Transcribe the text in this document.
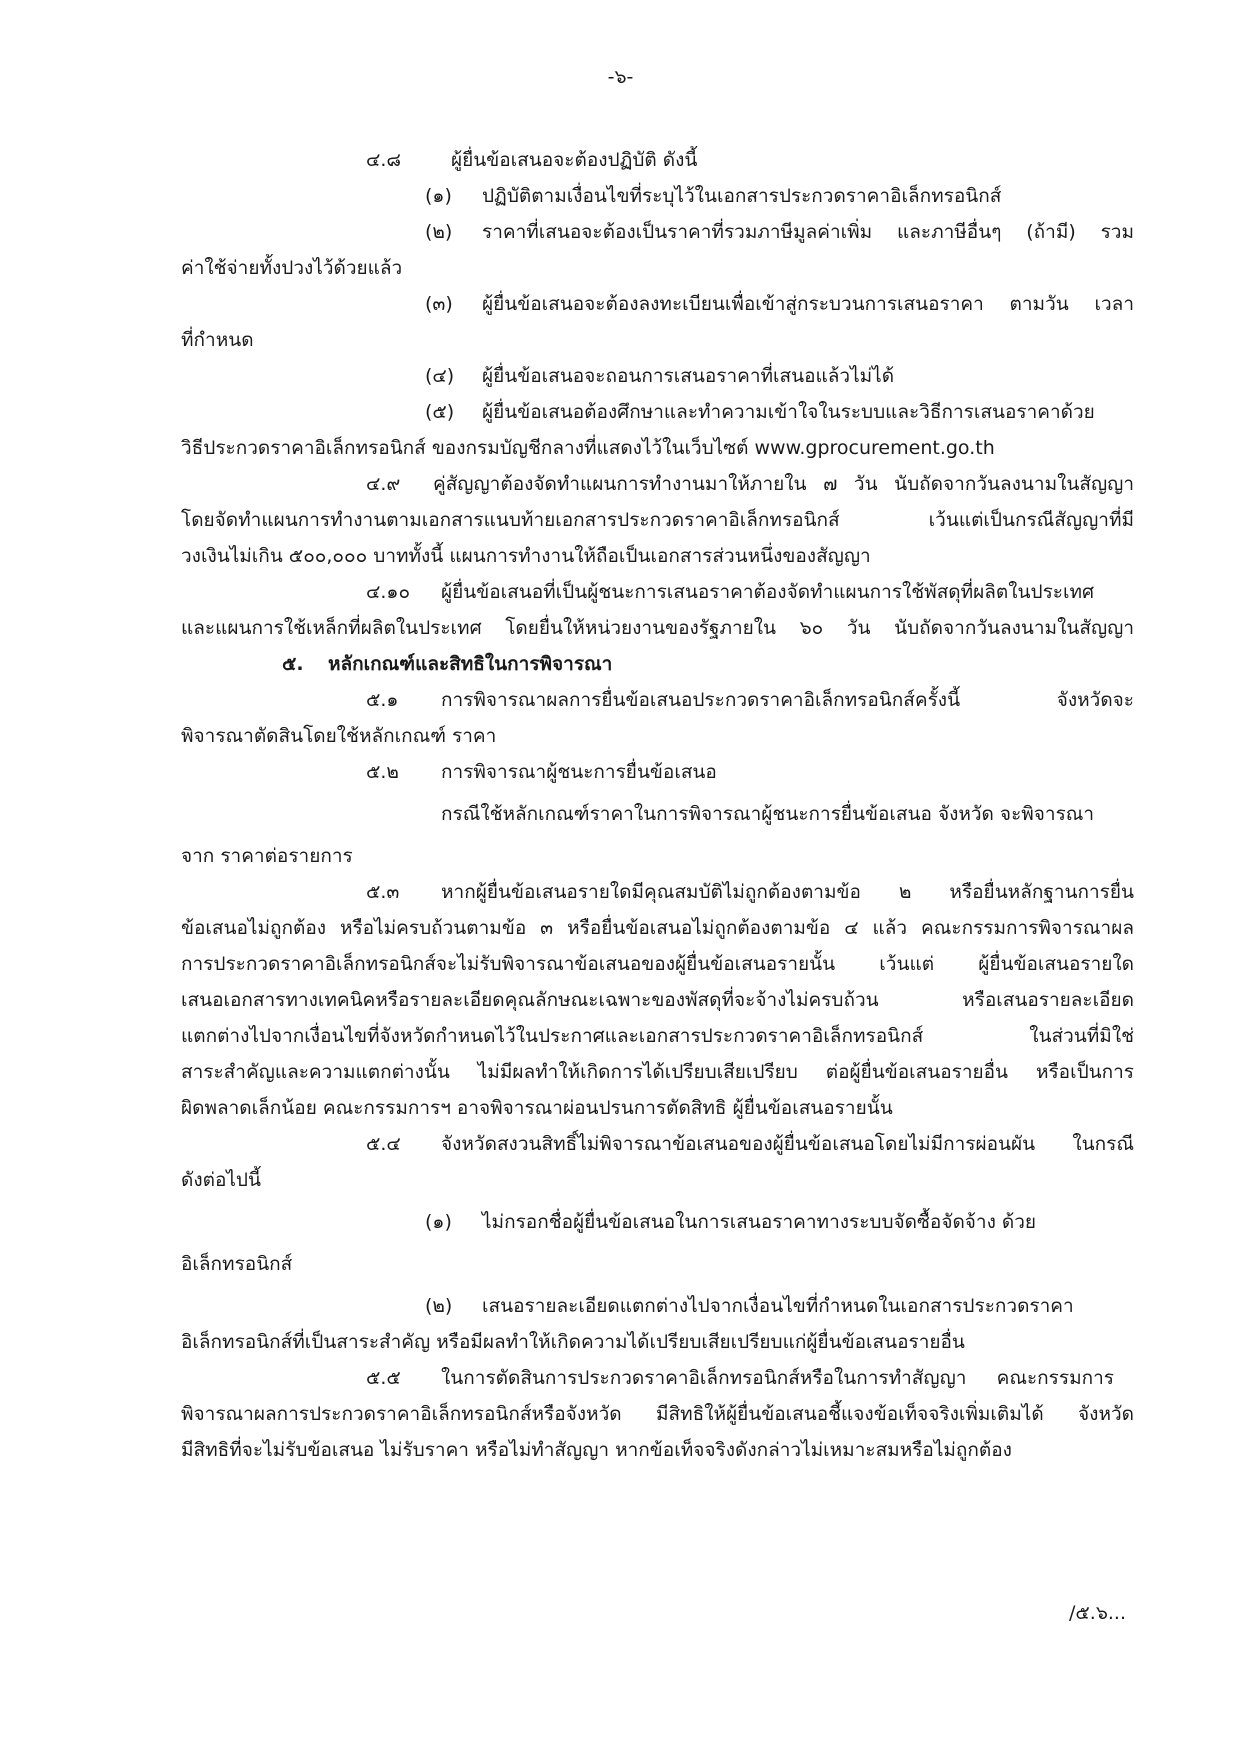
-๖-
๔.๘	ผู้ยื่นข้อเสนอจะต้องปฏิบัติ ดังนี้
(๑) ปฏิบัติตามเงื่อนไขที่ระบุไว้ในเอกสารประกวดราคาอิเล็กทรอนิกส์
(๒) ราคาที่เสนอจะต้องเป็นราคาที่รวมภาษีมูลค่าเพิ่ม และภาษีอื่นๆ (ถ้ามี) รวม
ค่าใช้จ่ายทั้งปวงไว้ด้วยแล้ว
(๓) ผู้ยื่นข้อเสนอจะต้องลงทะเบียนเพื่อเข้าสู่กระบวนการเสนอราคา ตามวัน เวลา
ที่กำหนด
(๔) ผู้ยื่นข้อเสนอจะถอนการเสนอราคาที่เสนอแล้วไม่ได้
(๕) ผู้ยื่นข้อเสนอต้องศึกษาและทำความเข้าใจในระบบและวิธีการเสนอราคาด้วย
วิธีประกวดราคาอิเล็กทรอนิกส์ ของกรมบัญชีกลางที่แสดงไว้ในเว็บไซต์ www.gprocurement.go.th
๔.๙ คู่สัญญาต้องจัดทำแผนการทำงานมาให้ภายใน ๗ วัน นับถัดจากวันลงนามในสัญญา
โดยจัดทำแผนการทำงานตามเอกสารแนบท้ายเอกสารประกวดราคาอิเล็กทรอนิกส์ เว้นแต่เป็นกรณีสัญญาที่มี
วงเงินไม่เกิน ๕๐๐,๐๐๐ บาททั้งนี้ แผนการทำงานให้ถือเป็นเอกสารส่วนหนึ่งของสัญญา
๔.๑๐ ผู้ยื่นข้อเสนอที่เป็นผู้ชนะการเสนอราคาต้องจัดทำแผนการใช้พัสดุที่ผลิตในประเทศ
และแผนการใช้เหล็กที่ผลิตในประเทศ โดยยื่นให้หน่วยงานของรัฐภายใน ๖๐ วัน นับถัดจากวันลงนามในสัญญา
๕. หลักเกณฑ์และสิทธิในการพิจารณา
๕.๑ การพิจารณาผลการยื่นข้อเสนอประกวดราคาอิเล็กทรอนิกส์ครั้งนี้ จังหวัดจะ
พิจารณาตัดสินโดยใช้หลักเกณฑ์ ราคา
๕.๒ การพิจารณาผู้ชนะการยื่นข้อเสนอ
กรณีใช้หลักเกณฑ์ราคาในการพิจารณาผู้ชนะการยื่นข้อเสนอ จังหวัด จะพิจารณา
จาก ราคาต่อรายการ
๕.๓ หากผู้ยื่นข้อเสนอรายใดมีคุณสมบัติไม่ถูกต้องตามข้อ ๒ หรือยื่นหลักฐานการยื่น
ข้อเสนอไม่ถูกต้อง หรือไม่ครบถ้วนตามข้อ ๓ หรือยื่นข้อเสนอไม่ถูกต้องตามข้อ ๔ แล้ว คณะกรรมการพิจารณาผล
การประกวดราคาอิเล็กทรอนิกส์จะไม่รับพิจารณาข้อเสนอของผู้ยื่นข้อเสนอรายนั้น เว้นแต่ ผู้ยื่นข้อเสนอรายใด
เสนอเอกสารทางเทคนิคหรือรายละเอียดคุณลักษณะเฉพาะของพัสดุที่จะจ้างไม่ครบถ้วน หรือเสนอรายละเอียด
แตกต่างไปจากเงื่อนไขที่จังหวัดกำหนดไว้ในประกาศและเอกสารประกวดราคาอิเล็กทรอนิกส์ ในส่วนที่มิใช่
สาระสำคัญและความแตกต่างนั้น ไม่มีผลทำให้เกิดการได้เปรียบเสียเปรียบ ต่อผู้ยื่นข้อเสนอรายอื่น หรือเป็นการ
ผิดพลาดเล็กน้อย คณะกรรมการฯ อาจพิจารณาผ่อนปรนการตัดสิทธิ ผู้ยื่นข้อเสนอรายนั้น
๕.๔ จังหวัดสงวนสิทธิ์ไม่พิจารณาข้อเสนอของผู้ยื่นข้อเสนอโดยไม่มีการผ่อนผัน ในกรณี
ดังต่อไปนี้
(๑) ไม่กรอกชื่อผู้ยื่นข้อเสนอในการเสนอราคาทางระบบจัดซื้อจัดจ้าง ด้วย
อิเล็กทรอนิกส์
(๒) เสนอรายละเอียดแตกต่างไปจากเงื่อนไขที่กำหนดในเอกสารประกวดราคา
อิเล็กทรอนิกส์ที่เป็นสาระสำคัญ หรือมีผลทำให้เกิดความได้เปรียบเสียเปรียบแก่ผู้ยื่นข้อเสนอรายอื่น
๕.๕ ในการตัดสินการประกวดราคาอิเล็กทรอนิกส์หรือในการทำสัญญา คณะกรรมการ
พิจารณาผลการประกวดราคาอิเล็กทรอนิกส์หรือจังหวัด มีสิทธิให้ผู้ยื่นข้อเสนอชี้แจงข้อเท็จจริงเพิ่มเติมได้ จังหวัด
มีสิทธิที่จะไม่รับข้อเสนอ ไม่รับราคา หรือไม่ทำสัญญา หากข้อเท็จจริงดังกล่าวไม่เหมาะสมหรือไม่ถูกต้อง
/๕.๖...
